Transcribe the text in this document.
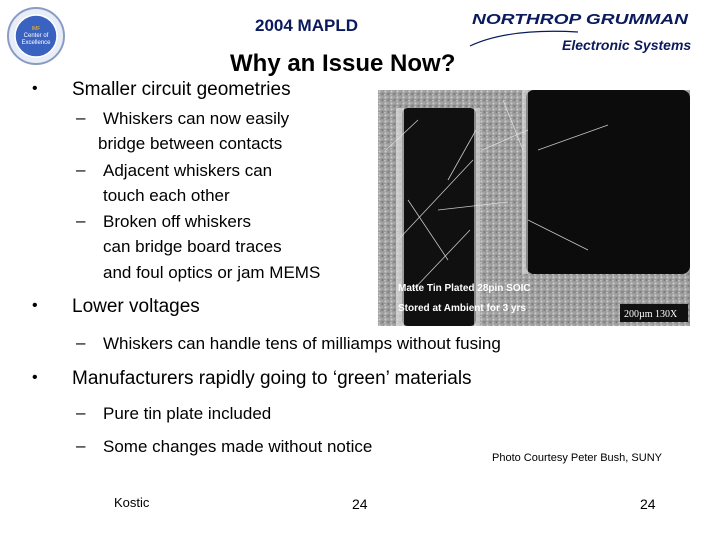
IMF
Center of
Excellence
2004 MAPLD	NORTHROP GRUMMAN
Electronic Systems
Why an Issue Now?
• Smaller circuit geometries
– Whiskers can now easily
bridge between contacts
– Adjacent whiskers can
touch each other
– Broken off whiskers
can bridge board traces
and foul optics or jam MEMS
Matte Tin Plated 28pin SOIC
Stored at Ambient for 3 yrs
200µm 130X
• Lower voltages
– Whiskers can handle tens of milliamps without fusing
• Manufacturers rapidly going to ‘green’ materials
– Pure tin plate included
– Some changes made without notice
Photo Courtesy Peter Bush, SUNY
Kostic	24	24
